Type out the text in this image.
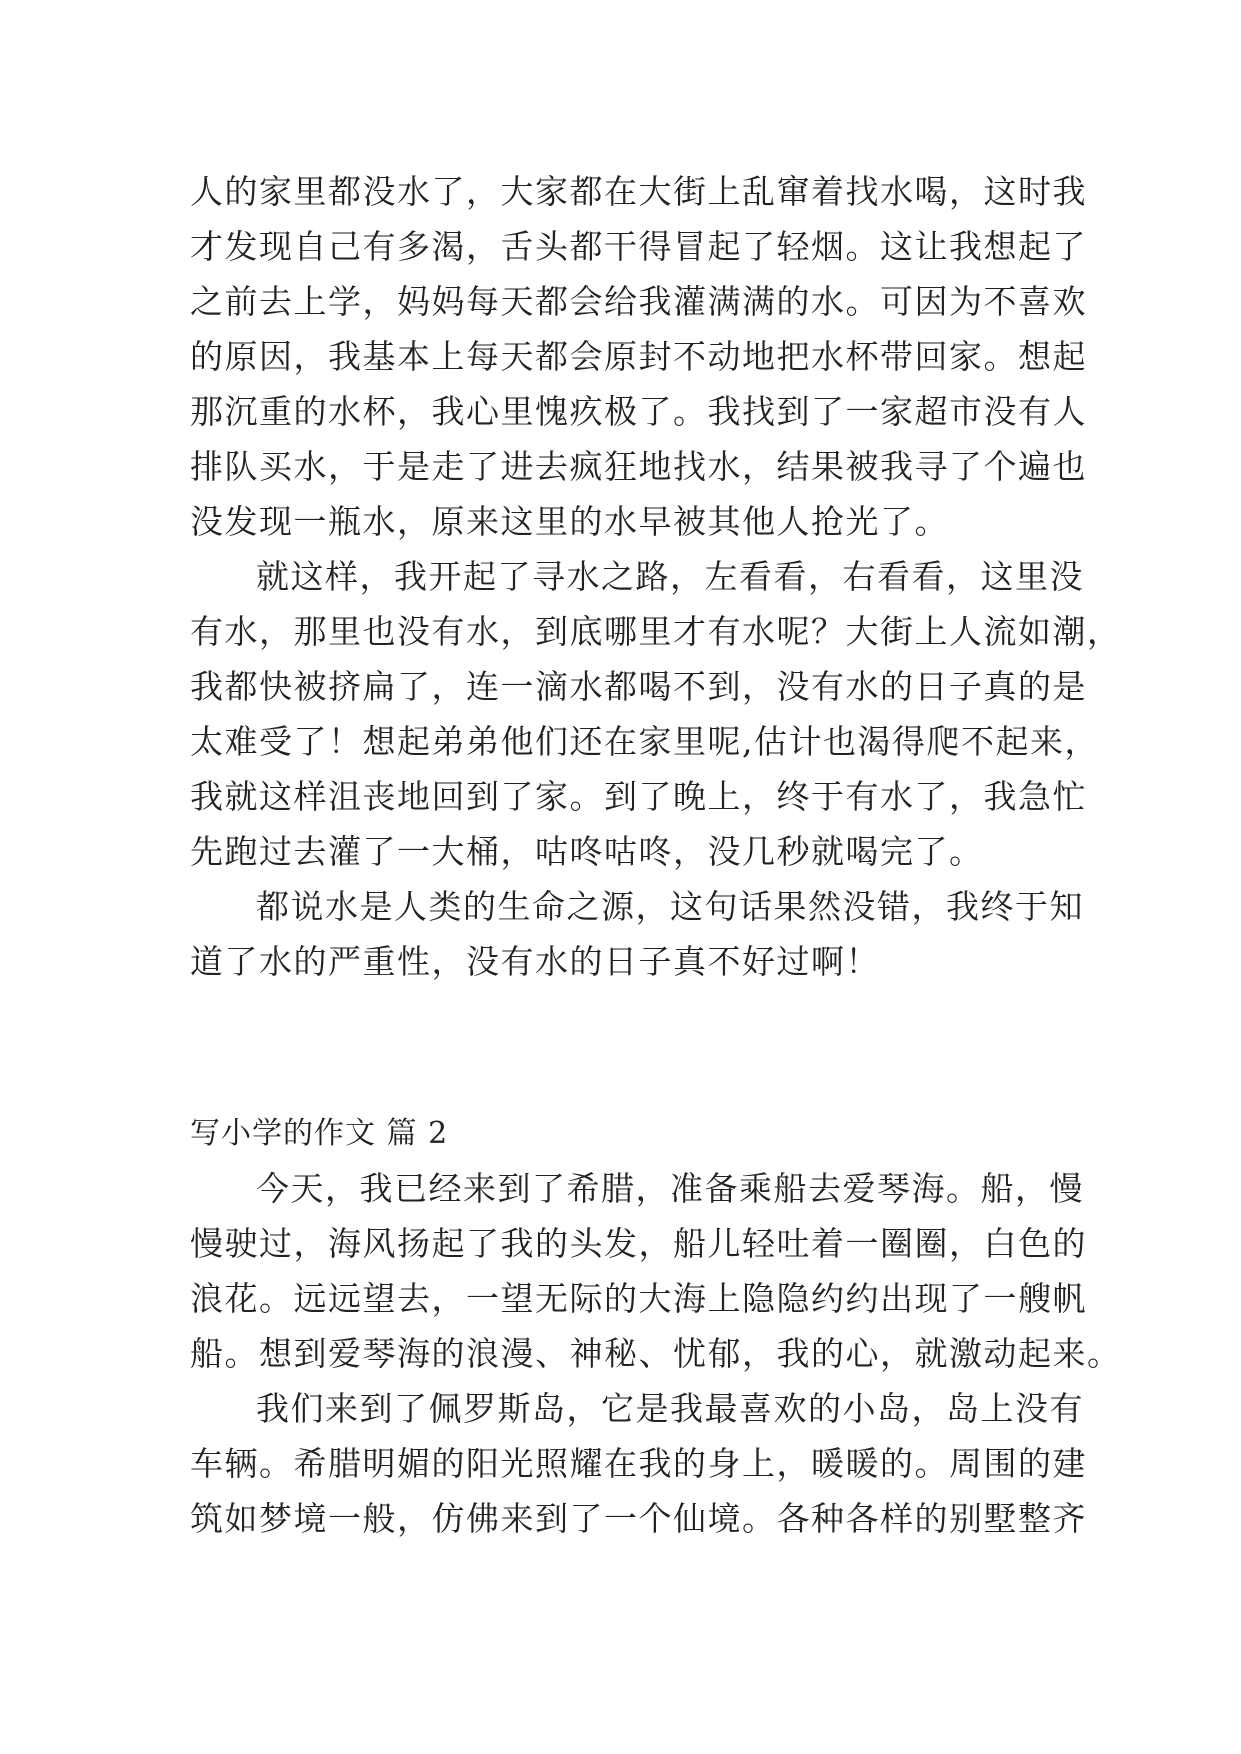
人的家里都没水了，大家都在大街上乱窜着找水喝，这时我
才发现自己有多渴，舌头都干得冒起了轻烟。这让我想起了
之前去上学，妈妈每天都会给我灌满满的水。可因为不喜欢
的原因，我基本上每天都会原封不动地把水杯带回家。想起
那沉重的水杯，我心里愧疚极了。我找到了一家超市没有人
排队买水，于是走了进去疯狂地找水，结果被我寻了个遍也
没发现一瓶水，原来这里的水早被其他人抢光了。
就这样，我开起了寻水之路，左看看，右看看，这里没
有水，那里也没有水，到底哪里才有水呢？大街上人流如潮，
我都快被挤扁了，连一滴水都喝不到，没有水的日子真的是
太难受了！想起弟弟他们还在家里呢,估计也渴得爬不起来，
我就这样沮丧地回到了家。到了晚上，终于有水了，我急忙
先跑过去灌了一大桶，咕咚咕咚，没几秒就喝完了。
都说水是人类的生命之源，这句话果然没错，我终于知
道了水的严重性，没有水的日子真不好过啊！
写小学的作文 篇 2
今天，我已经来到了希腊，准备乘船去爱琴海。船，慢
慢驶过，海风扬起了我的头发，船儿轻吐着一圈圈，白色的
浪花。远远望去，一望无际的大海上隐隐约约出现了一艘帆
船。想到爱琴海的浪漫、神秘、忧郁，我的心，就激动起来。
我们来到了佩罗斯岛，它是我最喜欢的小岛，岛上没有
车辆。希腊明媚的阳光照耀在我的身上，暖暖的。周围的建
筑如梦境一般，仿佛来到了一个仙境。各种各样的别墅整齐
